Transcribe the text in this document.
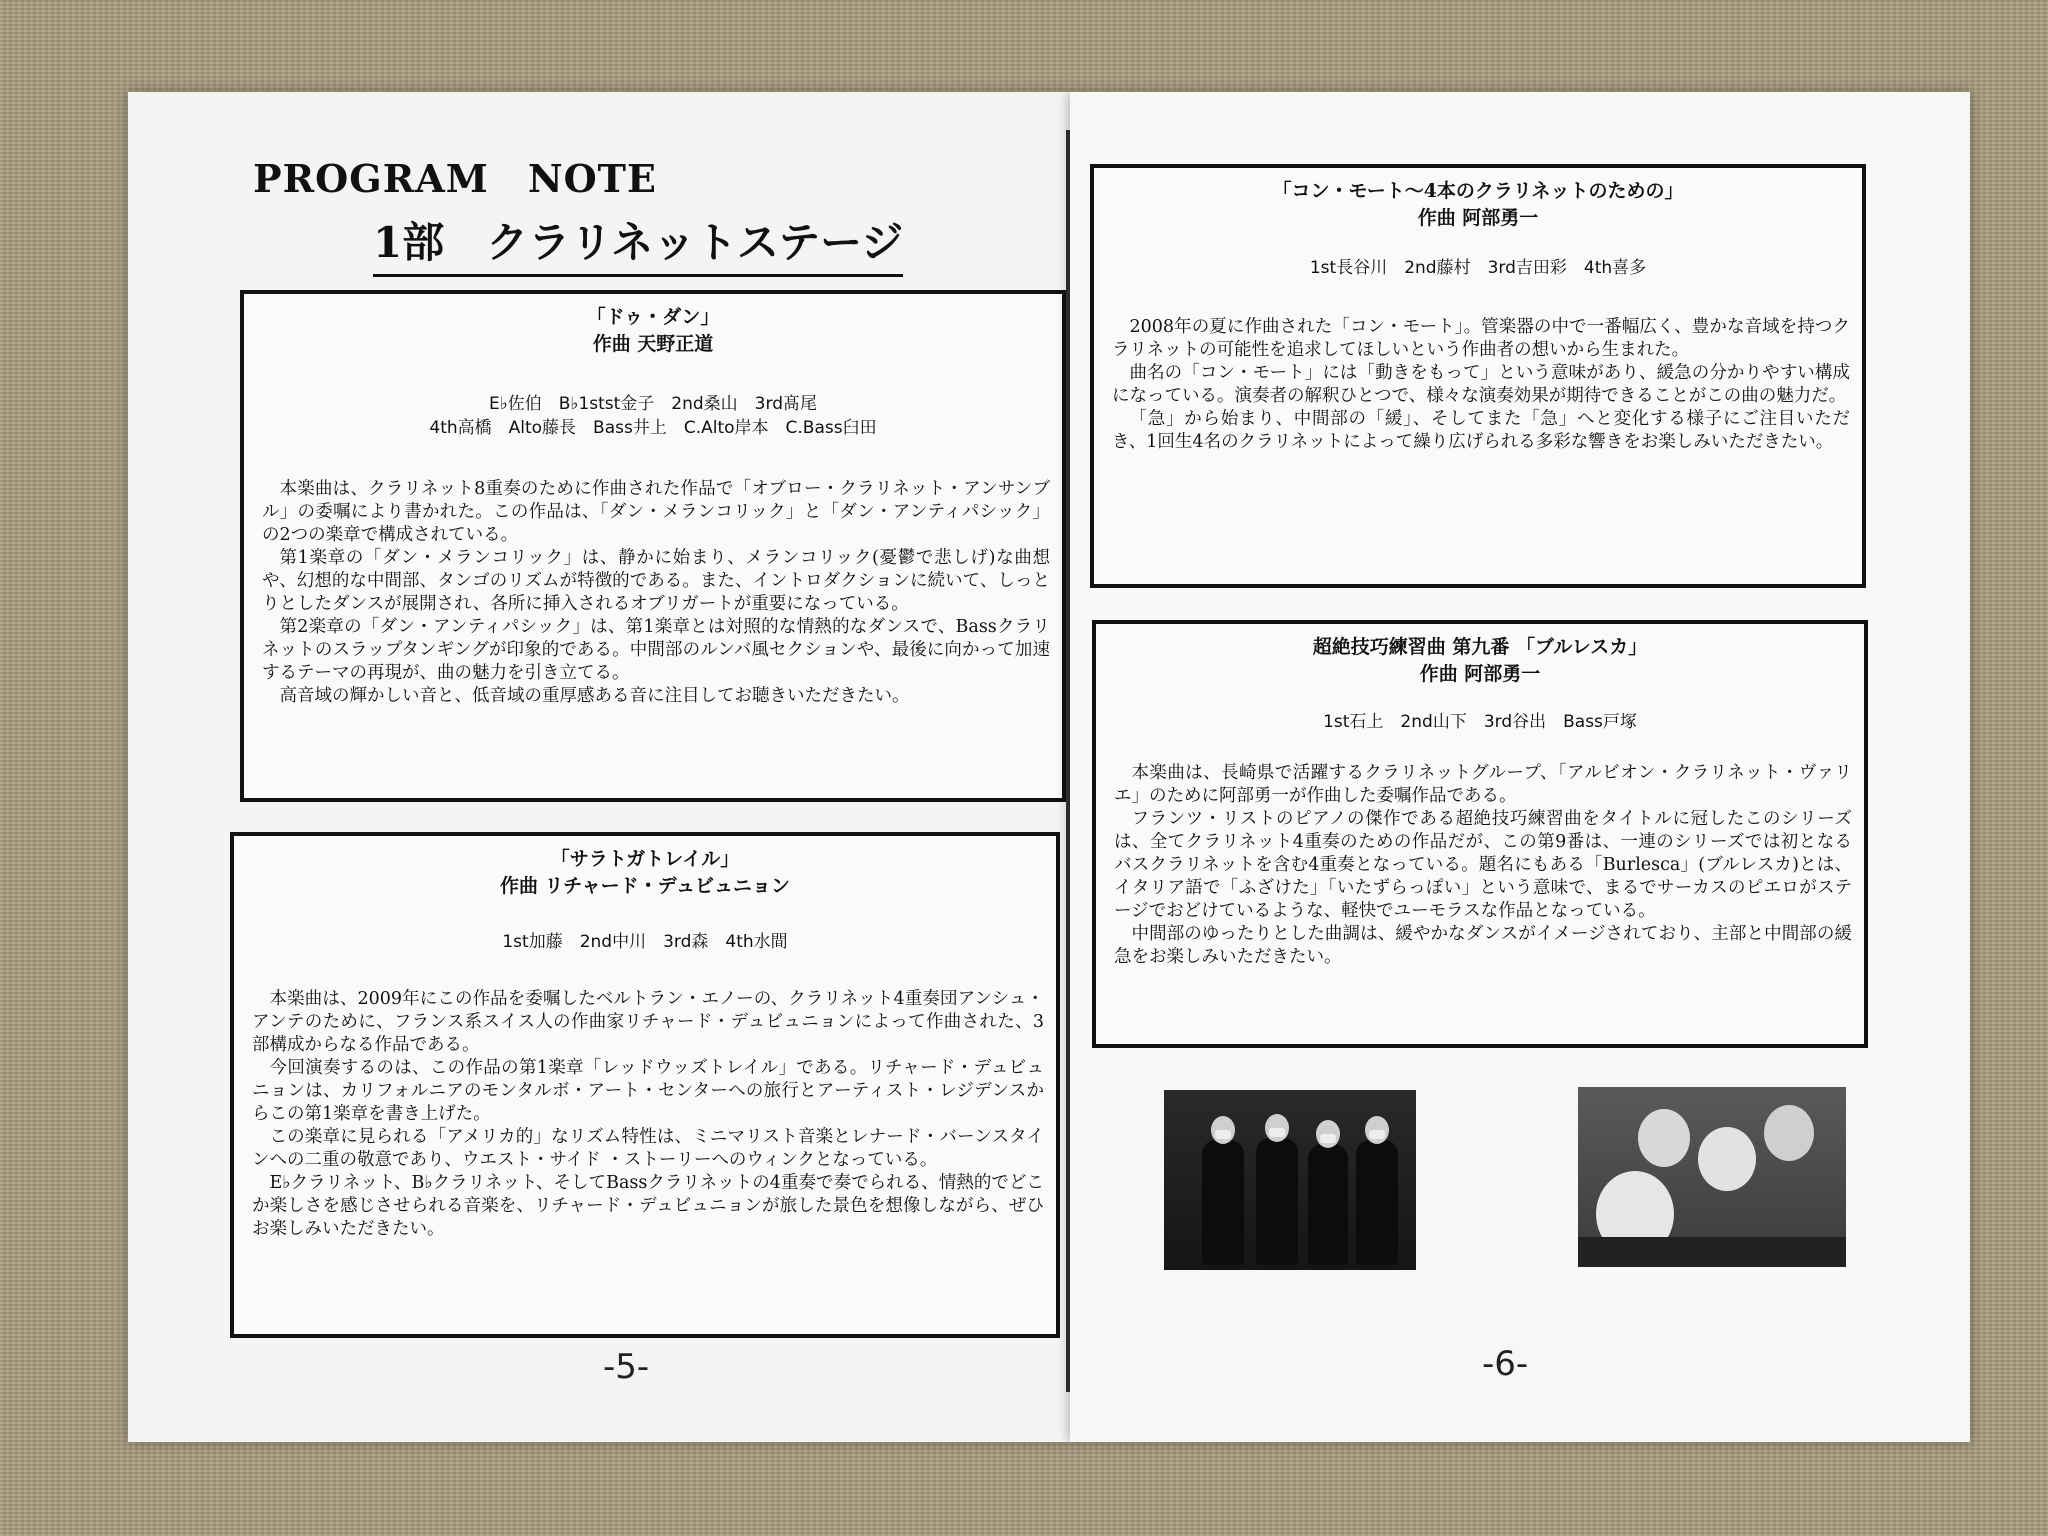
PROGRAM　NOTE
1部　クラリネットステージ
「ドゥ・ダン」
作曲 天野正道
E♭佐伯　B♭1stst金子　2nd桑山　3rd髙尾
4th高橋　Alto藤長　Bass井上　C.Alto岸本　C.Bass臼田

本楽曲は、クラリネット8重奏のために作曲された作品で「オブロー・クラリネット・アンサンブル」の委嘱により書かれた。この作品は、「ダン・メランコリック」と「ダン・アンティパシック」の2つの楽章で構成されている。

第1楽章の「ダン・メランコリック」は、静かに始まり、メランコリック(憂鬱で悲しげ)な曲想や、幻想的な中間部、タンゴのリズムが特徴的である。また、イントロダクションに続いて、しっとりとしたダンスが展開され、各所に挿入されるオブリガートが重要になっている。

第2楽章の「ダン・アンティパシック」は、第1楽章とは対照的な情熱的なダンスで、Bassクラリネットのスラップタンギングが印象的である。中間部のルンバ風セクションや、最後に向かって加速するテーマの再現が、曲の魅力を引き立てる。

高音域の輝かしい音と、低音域の重厚感ある音に注目してお聴きいただきたい。

「サラトガトレイル」
作曲 リチャード・デュビュニョン
1st加藤　2nd中川　3rd森　4th水間

本楽曲は、2009年にこの作品を委嘱したベルトラン・エノーの、クラリネット4重奏団アンシュ・アンテのために、フランス系スイス人の作曲家リチャード・デュビュニョンによって作曲された、3部構成からなる作品である。

今回演奏するのは、この作品の第1楽章「レッドウッズトレイル」である。リチャード・デュビュニョンは、カリフォルニアのモンタルボ・アート・センターへの旅行とアーティスト・レジデンスからこの第1楽章を書き上げた。

この楽章に見られる「アメリカ的」なリズム特性は、ミニマリスト音楽とレナード・バーンスタインへの二重の敬意であり、ウエスト・サイド ・ストーリーへのウィンクとなっている。

E♭クラリネット、B♭クラリネット、そしてBassクラリネットの4重奏で奏でられる、情熱的でどこか楽しさを感じさせられる音楽を、リチャード・デュビュニョンが旅した景色を想像しながら、ぜひお楽しみいただきたい。

-5-
「コン・モート～4本のクラリネットのための」
作曲 阿部勇一
1st長谷川　2nd藤村　3rd吉田彩　4th喜多

2008年の夏に作曲された「コン・モート」。管楽器の中で一番幅広く、豊かな音域を持つクラリネットの可能性を追求してほしいという作曲者の想いから生まれた。

曲名の「コン・モート」には「動きをもって」という意味があり、緩急の分かりやすい構成になっている。演奏者の解釈ひとつで、様々な演奏効果が期待できることがこの曲の魅力だ。

「急」から始まり、中間部の「緩」、そしてまた「急」へと変化する様子にご注目いただき、1回生4名のクラリネットによって繰り広げられる多彩な響きをお楽しみいただきたい。

超絶技巧練習曲 第九番 「ブルレスカ」
作曲 阿部勇一
1st石上　2nd山下　3rd谷出　Bass戸塚

本楽曲は、長崎県で活躍するクラリネットグループ、「アルビオン・クラリネット・ヴァリエ」のために阿部勇一が作曲した委嘱作品である。

フランツ・リストのピアノの傑作である超絶技巧練習曲をタイトルに冠したこのシリーズは、全てクラリネット4重奏のための作品だが、この第9番は、一連のシリーズでは初となるバスクラリネットを含む4重奏となっている。題名にもある「Burlesca」(ブルレスカ)とは、イタリア語で「ふざけた」「いたずらっぽい」という意味で、まるでサーカスのピエロがステージでおどけているような、軽快でユーモラスな作品となっている。

中間部のゆったりとした曲調は、緩やかなダンスがイメージされており、主部と中間部の緩急をお楽しみいただきたい。

-6-
